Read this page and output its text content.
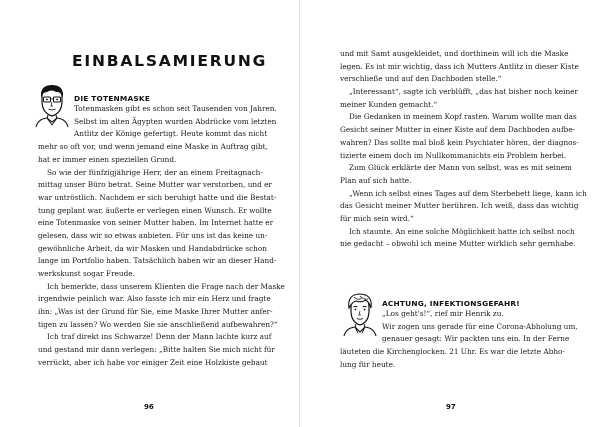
EINBALSAMIERUNG
DIE TOTENMASKE
Totenmasken gibt es schon seit Tausenden von Jahren.
Selbst im alten Ägypten wurden Abdrücke vom letzten
Antlitz der Könige gefertigt. Heute kommt das nicht
mehr so oft vor, und wenn jemand eine Maske in Auftrag gibt,
hat er immer einen speziellen Grund.
So wie der fünfzigjährige Herr, der an einem Freitagnach-
mittag unser Büro betrat. Seine Mutter war verstorben, und er
war untröstlich. Nachdem er sich beruhigt hatte und die Bestat-
tung geplant war, äußerte er verlegen einen Wunsch. Er wollte
eine Totenmaske von seiner Mutter haben. Im Internet hatte er
gelesen, dass wir so etwas anbieten. Für uns ist das keine un-
gewöhnliche Arbeit, da wir Masken und Handabdrücke schon
lange im Portfolio haben. Tatsächlich haben wir an dieser Hand-
werkskunst sogar Freude.
Ich bemerkte, dass unserem Klienten die Frage nach der Maske
irgendwie peinlich war. Also fasste ich mir ein Herz und fragte
ihn: „Was ist der Grund für Sie, eine Maske Ihrer Mutter anfer-
tigen zu lassen? Wo werden Sie sie anschließend aufbewahren?“
Ich traf direkt ins Schwarze! Denn der Mann lachte kurz auf
und gestand mir dann verlegen: „Bitte halten Sie mich nicht für
verrückt, aber ich habe vor einiger Zeit eine Holzkiste gebaut
96
und mit Samt ausgekleidet, und dorthinein will ich die Maske
legen. Es ist mir wichtig, dass ich Mutters Antlitz in dieser Kiste
verschließe und auf den Dachboden stelle.“
„Interessant“, sagte ich verblüfft, „das hat bisher noch keiner
meiner Kunden gemacht.“
Die Gedanken in meinem Kopf rasten. Warum wollte man das
Gesicht seiner Mutter in einer Kiste auf dem Dachboden aufbe-
wahren? Das sollte mal bloß kein Psychiater hören, der diagnos-
tizierte einem doch im Nullkommanichts ein Problem herbei.
Zum Glück erklärte der Mann von selbst, was es mit seinem
Plan auf sich hatte.
„Wenn ich selbst eines Tages auf dem Sterbebett liege, kann ich
das Gesicht meiner Mutter berühren. Ich weiß, dass das wichtig
für mich sein wird.“
Ich staunte. An eine solche Möglichkeit hatte ich selbst noch
nie gedacht – obwohl ich meine Mutter wirklich sehr gernhabe.
ACHTUNG, INFEKTIONSGEFAHR!
„Los geht's!“, rief mir Henrik zu.
Wir zogen uns gerade für eine Corona-Abholung um,
genauer gesagt: Wir packten uns ein. In der Ferne
läuteten die Kirchenglocken. 21 Uhr. Es war die letzte Abho-
lung für heute.
97
